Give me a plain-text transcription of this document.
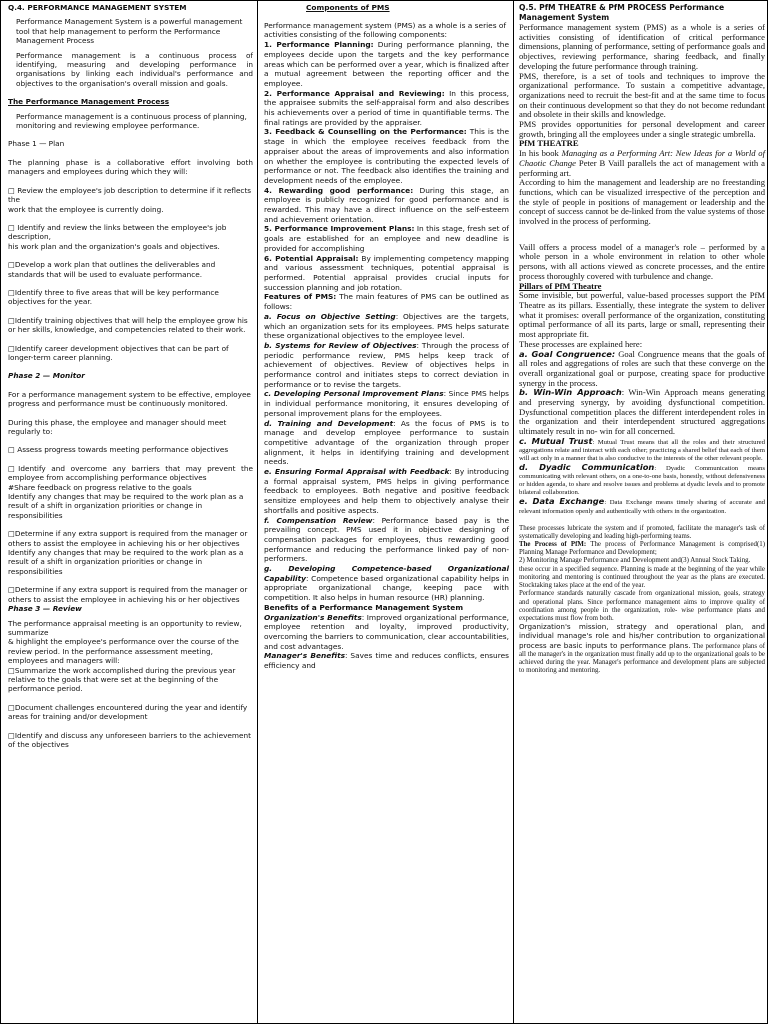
Q.4. PERFORMANCE MANAGEMENT SYSTEM

Performance Management System is a powerful management tool that help management to perform the Performance Management Process

Performance management is a continuous process of identifying, measuring and developing performance in organisations by linking each individual's performance and objectives to the organisation's overall mission and goals.

The Performance Management Process

Performance management is a continuous process of planning, monitoring and reviewing employee performance.

Phase 1 — Plan

The planning phase is a collaborative effort involving both managers and employees during which they will:

□ Review the employee's job description to determine if it reflects the

work that the employee is currently doing.

□ Identify and review the links between the employee's job description,

his work plan and the organization's goals and objectives.

□Develop a work plan that outlines the deliverables and standards that will be used to evaluate performance.

□Identify three to five areas that will be key performance objectives for the year.

□Identify training objectives that will help the employee grow his or her skills, knowledge, and competencies related to their work.

□Identify career development objectives that can be part of longer-term career planning.

Phase 2 — Monitor

For a performance management system to be effective, employee progress and performance must be continuously monitored.

During this phase, the employee and manager should meet regularly to:

□ Assess progress towards meeting performance objectives

□Identify and overcome any barriers that may prevent the employee from accomplishing performance objectives

#Share feedback on progress relative to the goals

Identify any changes that may be required to the work plan as a result of a shift in organization priorities or change in responsibilities

□Determine if any extra support is required from the manager or others to assist the employee in achieving his or her objectives

Identify any changes that may be required to the work plan as a result of a shift in organization priorities or change in responsibilities

□Determine if any extra support is required from the manager or others to assist the employee in achieving his or her objectives

Phase 3 — Review

The performance appraisal meeting is an opportunity to review, summarize

& highlight the employee's performance over the course of the review period. In the performance assessment meeting, employees and managers will:

□Summarize the work accomplished during the previous year relative to the goals that were set at the beginning of the performance period.

□Document challenges encountered during the year and identify areas for training and/or development

□Identify and discuss any unforeseen barriers to the achievement of the objectives

Components of PMS

Performance management system (PMS) as a whole is a series of activities consisting of the following components:

1. Performance Planning: During performance planning, the employees decide upon the targets and the key performance areas which can be performed over a year, which is finalized after a mutual agreement between the reporting officer and the employee.

2. Performance Appraisal and Reviewing: In this process, the appraisee submits the self-appraisal form and also describes his achievements over a period of time in quantifiable terms. The final ratings are provided by the appraiser.

3. Feedback & Counselling on the Performance: This is the stage in which the employee receives feedback from the appraiser about the areas of improvements and also information on whether the employee is contributing the expected levels of performance or not. The feedback also identifies the training and development needs of the employee.

4. Rewarding good performance: During this stage, an employee is publicly recognized for good performance and is rewarded. This may have a direct influence on the self-esteem and achievement orientation.

5. Performance Improvement Plans: In this stage, fresh set of goals are established for an employee and new deadline is provided for accomplishing

6. Potential Appraisal: By implementing competency mapping and various assessment techniques, potential appraisal is performed. Potential appraisal provides crucial inputs for succession planning and job rotation.

Features of PMS: The main features of PMS can be outlined as follows:

a. Focus on Objective Setting: Objectives are the targets, which an organization sets for its employees. PMS helps saturate these organizational objectives to the employee level.

b. Systems for Review of Objectives: Through the process of periodic performance review, PMS helps keep track of achievement of objectives. Review of objectives helps in performance control and initiates steps to correct deviation in performance or to revise the targets.

c. Developing Personal Improvement Plans: Since PMS helps in individual performance monitoring, it ensures developing of personal improvement plans for the employees.

d. Training and Development: As the focus of PMS is to manage and develop employee performance to sustain competitive advantage of the organization through proper alignment, it helps in identifying training and development needs.

e. Ensuring Formal Appraisal with Feedback: By introducing a formal appraisal system, PMS helps in giving performance feedback to employees. Both negative and positive feedback sensitize employees and help them to objectively analyse their shortfalls and positive aspects.

f. Compensation Review: Performance based pay is the prevailing concept. PMS used it in objective designing of compensation packages for employees, thus rewarding good performance and reducing the performance linked pay of non-performers.

g. Developing Competence-based Organizational Capability: Competence based organizational capability helps in appropriate organizational change, keeping pace with competition. It also helps in human resource (HR) planning.

Benefits of a Performance Management System

Organization's Benefits: Improved organizational performance, employee retention and loyalty, improved productivity, overcoming the barriers to communication, clear accountabilities, and cost advantages.

Manager's Benefits: Saves time and reduces conflicts, ensures efficiency and

Q.5. PfM THEATRE & PfM PROCESS Performance Management System

Performance management system (PMS) as a whole is a series of activities consisting of identification of critical performance dimensions, planning of performance, setting of performance goals and objectives, reviewing performance, sharing feedback, and finally developing the future performance through training.

PMS, therefore, is a set of tools and techniques to improve the organizational performance. To sustain a competitive advantage, organizations need to recruit the best-fit and at the same time to focus on their continuous development so that they do not become redundant and obsolete in their skills and knowledge.

PMS provides opportunities for personal development and career growth, bringing all the employees under a single strategic umbrella.

PfM THEATRE

In his book Managing as a Performing Art: New Ideas for a World of Chaotic Change Peter B Vaill parallels the act of management with a performing art.

According to him the management and leadership are no freestanding functions, which can be visualized irrespective of the perception and the style of people in positions of management or leadership and the concept of success cannot be de-linked from the value systems of those involved in the process of performing.

Vaill offers a process model of a manager's role – performed by a whole person in a whole environment in relation to other whole persons, with all actions viewed as concrete processes, and the entire process thoroughly covered with turbulence and change.

Pillars of PfM Theatre

Some invisible, but powerful, value-based processes support the PfM Theatre as its pillars. Essentially, these integrate the system to deliver what it promises: overall performance of the organization, constituting optimal performance of all its parts, large or small, representing their most appropriate fit.

These processes are explained here:

a. Goal Congruence: Goal Congruence means that the goals of all roles and aggregations of roles are such that these converge on the overall organizational goal or purpose, creating space for productive synergy in the process.

b. Win-Win Approach: Win-Win Approach means generating and preserving synergy, by avoiding dysfunctional competition. Dysfunctional competition places the different interdependent roles in the organization and their interdependent structured aggregations ultimately result in no- win for all concerned.

c. Mutual Trust: Mutual Trust means that all the roles and their structured aggregations relate and interact with each other; practicing a shared belief that each of them will act only in a manner that is also conducive to the interests of the other relevant people.

d. Dyadic Communication: Dyadic Communication means communicating with relevant others, on a one-to-one basis, honestly, without defensiveness or hidden agenda, to share and resolve issues and problems at dyadic levels and to promote bilateral collaboration.

e. Data Exchange: Data Exchange means timely sharing of accurate and relevant information openly and authentically with others in the organization.

These processes lubricate the system and if promoted, facilitate the manager's task of systematically developing and leading high-performing teams.

The Process of PfM: The process of Performance Management is comprised(1) Planning Manage Performance and Development;

2) Monitoring Manage Performance and Development and(3) Annual Stock Taking.

these occur in a specified sequence. Planning is made at the beginning of the year while monitoring and mentoring is continued throughout the year as the plans are executed. Stocktaking takes place at the end of the year.

Performance standards naturally cascade from organizational mission, goals, strategy and operational plans. Since performance management aims to improve quality of coordination among people in the organization, role- wise performance plans and expectations must flow from both.

Organization's mission, strategy and operational plan, and individual manage's role and his/her contribution to organizational process are basic inputs to performance plans. The performance plans of all the manager's in the organization must finally add up to the organizational goals to be achieved during the year. Manager's performance and development plans are subjected to monitoring and mentoring.
